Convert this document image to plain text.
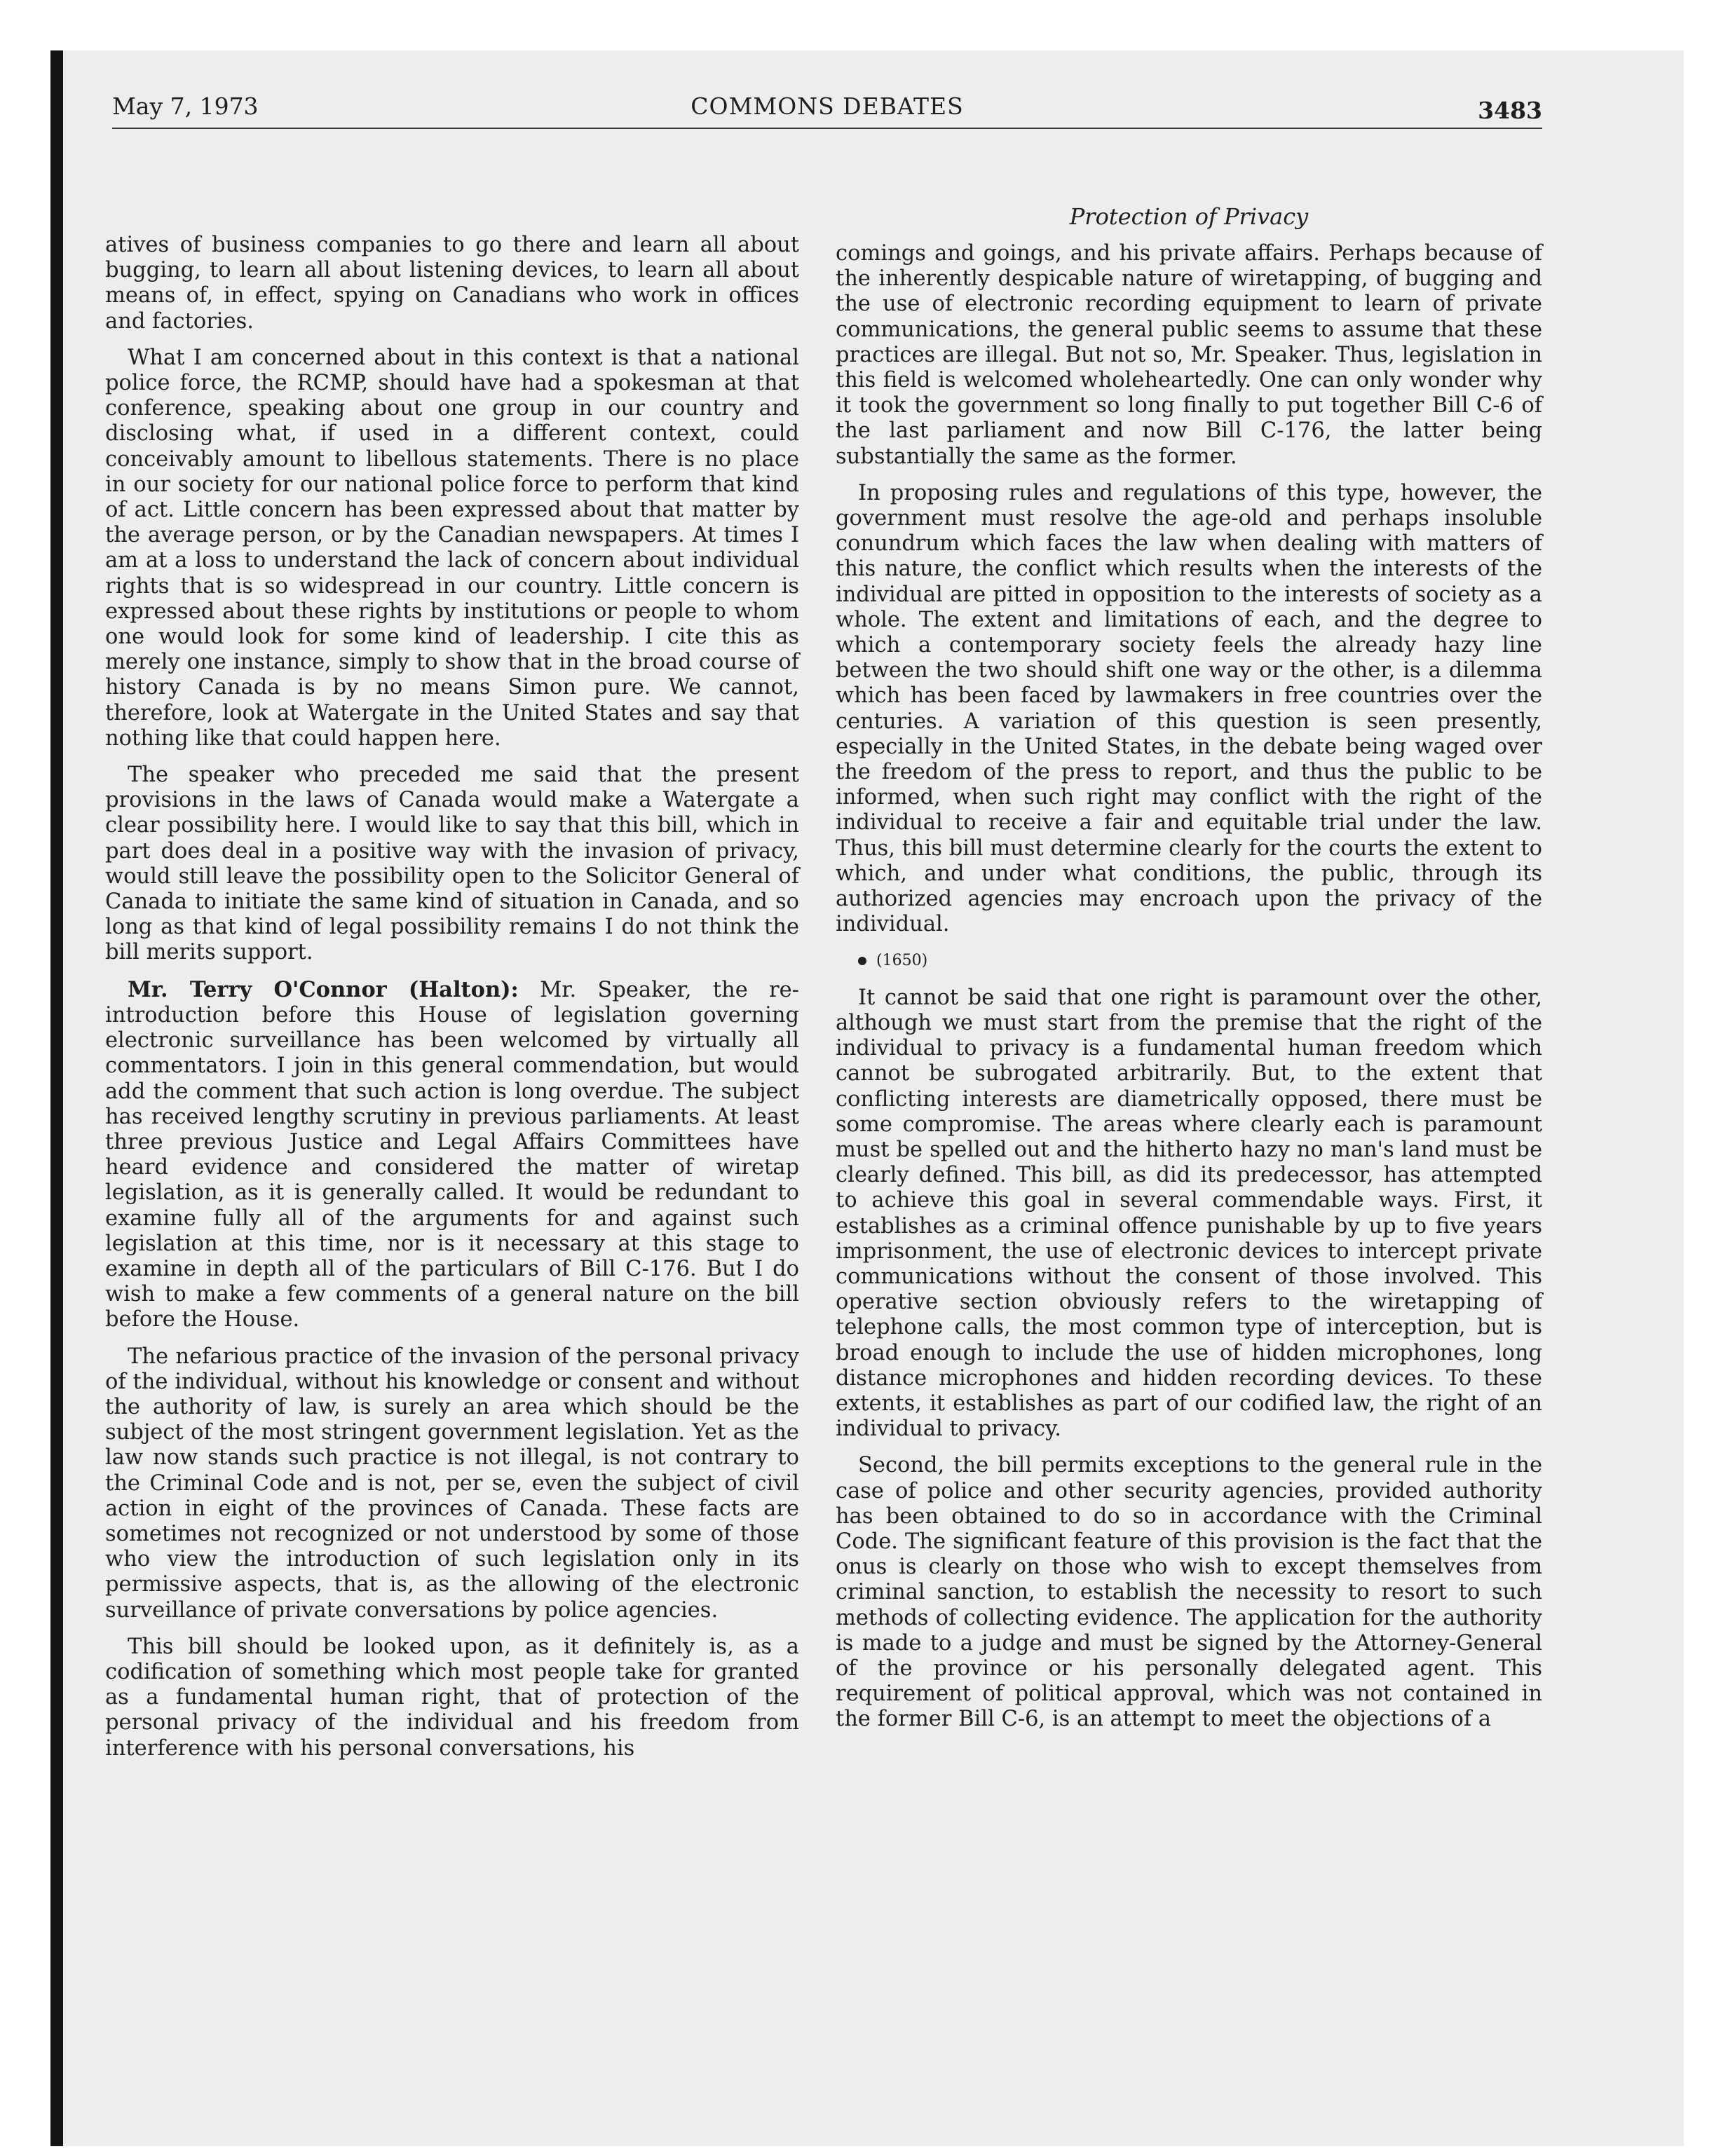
May 7, 1973	COMMONS DEBATES	3483
Protection of Privacy

atives of business companies to go there and learn all about bugging, to learn all about listening devices, to learn all about means of, in effect, spying on Canadians who work in offices and factories.

What I am concerned about in this context is that a national police force, the RCMP, should have had a spokesman at that conference, speaking about one group in our country and disclosing what, if used in a different context, could conceivably amount to libellous statements. There is no place in our society for our national police force to perform that kind of act. Little concern has been expressed about that matter by the average person, or by the Canadian newspapers. At times I am at a loss to understand the lack of concern about individual rights that is so widespread in our country. Little concern is expressed about these rights by institutions or people to whom one would look for some kind of leadership. I cite this as merely one instance, simply to show that in the broad course of history Canada is by no means Simon pure. We cannot, therefore, look at Watergate in the United States and say that nothing like that could happen here.

The speaker who preceded me said that the present provisions in the laws of Canada would make a Watergate a clear possibility here. I would like to say that this bill, which in part does deal in a positive way with the invasion of privacy, would still leave the possibility open to the Solicitor General of Canada to initiate the same kind of situation in Canada, and so long as that kind of legal possibility remains I do not think the bill merits support.

Mr. Terry O'Connor (Halton): Mr. Speaker, the re-introduction before this House of legislation governing electronic surveillance has been welcomed by virtually all commentators. I join in this general commendation, but would add the comment that such action is long overdue. The subject has received lengthy scrutiny in previous parliaments. At least three previous Justice and Legal Affairs Committees have heard evidence and considered the matter of wiretap legislation, as it is generally called. It would be redundant to examine fully all of the arguments for and against such legislation at this time, nor is it necessary at this stage to examine in depth all of the particulars of Bill C-176. But I do wish to make a few comments of a general nature on the bill before the House.

The nefarious practice of the invasion of the personal privacy of the individual, without his knowledge or consent and without the authority of law, is surely an area which should be the subject of the most stringent government legislation. Yet as the law now stands such practice is not illegal, is not contrary to the Criminal Code and is not, per se, even the subject of civil action in eight of the provinces of Canada. These facts are sometimes not recognized or not understood by some of those who view the introduction of such legislation only in its permissive aspects, that is, as the allowing of the electronic surveillance of private conversations by police agencies.

This bill should be looked upon, as it definitely is, as a codification of something which most people take for granted as a fundamental human right, that of protection of the personal privacy of the individual and his freedom from interference with his personal conversations, his

comings and goings, and his private affairs. Perhaps because of the inherently despicable nature of wiretapping, of bugging and the use of electronic recording equipment to learn of private communications, the general public seems to assume that these practices are illegal. But not so, Mr. Speaker. Thus, legislation in this field is welcomed wholeheartedly. One can only wonder why it took the government so long finally to put together Bill C-6 of the last parliament and now Bill C-176, the latter being substantially the same as the former.

In proposing rules and regulations of this type, however, the government must resolve the age-old and perhaps insoluble conundrum which faces the law when dealing with matters of this nature, the conflict which results when the interests of the individual are pitted in opposition to the interests of society as a whole. The extent and limitations of each, and the degree to which a contemporary society feels the already hazy line between the two should shift one way or the other, is a dilemma which has been faced by lawmakers in free countries over the centuries. A variation of this question is seen presently, especially in the United States, in the debate being waged over the freedom of the press to report, and thus the public to be informed, when such right may conflict with the right of the individual to receive a fair and equitable trial under the law. Thus, this bill must determine clearly for the courts the extent to which, and under what conditions, the public, through its authorized agencies may encroach upon the privacy of the individual.

(1650)

It cannot be said that one right is paramount over the other, although we must start from the premise that the right of the individual to privacy is a fundamental human freedom which cannot be subrogated arbitrarily. But, to the extent that conflicting interests are diametrically opposed, there must be some compromise. The areas where clearly each is paramount must be spelled out and the hitherto hazy no man's land must be clearly defined. This bill, as did its predecessor, has attempted to achieve this goal in several commendable ways. First, it establishes as a criminal offence punishable by up to five years imprisonment, the use of electronic devices to intercept private communications without the consent of those involved. This operative section obviously refers to the wiretapping of telephone calls, the most common type of interception, but is broad enough to include the use of hidden microphones, long distance microphones and hidden recording devices. To these extents, it establishes as part of our codified law, the right of an individual to privacy.

Second, the bill permits exceptions to the general rule in the case of police and other security agencies, provided authority has been obtained to do so in accordance with the Criminal Code. The significant feature of this provision is the fact that the onus is clearly on those who wish to except themselves from criminal sanction, to establish the necessity to resort to such methods of collecting evidence. The application for the authority is made to a judge and must be signed by the Attorney-General of the province or his personally delegated agent. This requirement of political approval, which was not contained in the former Bill C-6, is an attempt to meet the objections of a
